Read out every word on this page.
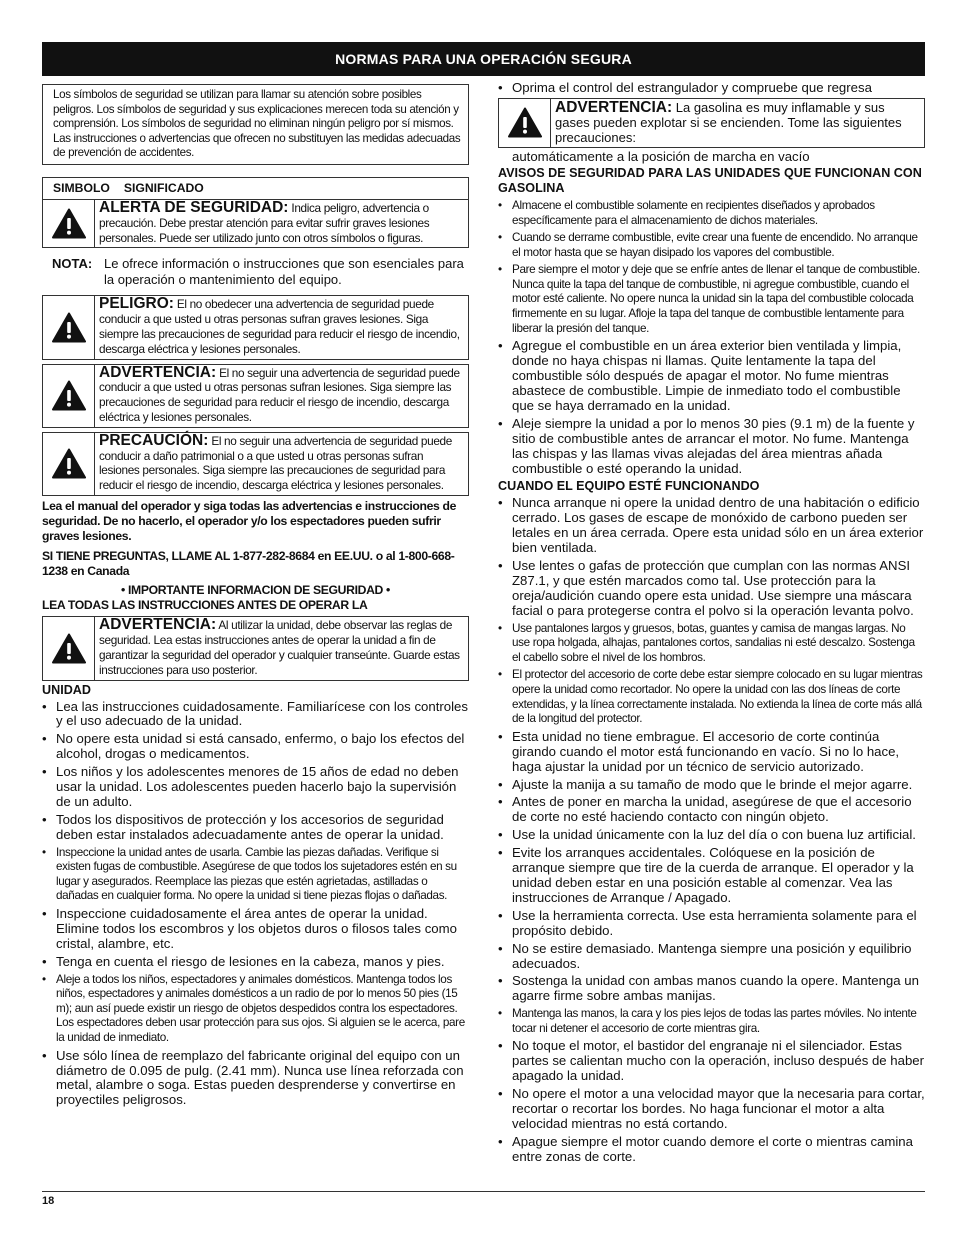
NORMAS PARA UNA OPERACIÓN SEGURA
Los símbolos de seguridad se utilizan para llamar su atención sobre posibles peligros. Los símbolos de seguridad y sus explicaciones merecen toda su atención y comprensión. Los símbolos de seguridad no eliminan ningún peligro por sí mismos. Las instrucciones o advertencias que ofrecen no substituyen las medidas adecuadas de prevención de accidentes.
SIMBOLO SIGNIFICADO
ALERTA DE SEGURIDAD: Indica peligro, advertencia o precaución. Debe prestar atención para evitar sufrir graves lesiones personales. Puede ser utilizado junto con otros símbolos o figuras.
NOTA: Le ofrece información o instrucciones que son esenciales para la operación o mantenimiento del equipo.
PELIGRO: El no obedecer una advertencia de seguridad puede conducir a que usted u otras personas sufran graves lesiones. Siga siempre las precauciones de seguridad para reducir el riesgo de incendio, descarga eléctrica y lesiones personales.
ADVERTENCIA: El no seguir una advertencia de seguridad puede conducir a que usted u otras personas sufran lesiones. Siga siempre las precauciones de seguridad para reducir el riesgo de incendio, descarga eléctrica y lesiones personales.
PRECAUCIÓN: El no seguir una advertencia de seguridad puede conducir a daño patrimonial o a que usted u otras personas sufran lesiones personales. Siga siempre las precauciones de seguridad para reducir el riesgo de incendio, descarga eléctrica y lesiones personales.

Lea el manual del operador y siga todas las advertencias e instrucciones de seguridad. De no hacerlo, el operador y/o los espectadores pueden sufrir graves lesiones.

SI TIENE PREGUNTAS, LLAME AL 1-877-282-8684 en EE.UU. o al 1-800-668-1238 en Canada

• IMPORTANTE INFORMACION DE SEGURIDAD •

LEA TODAS LAS INSTRUCCIONES ANTES DE OPERAR LA

ADVERTENCIA: Al utilizar la unidad, debe observar las reglas de seguridad. Lea estas instrucciones antes de operar la unidad a fin de garantizar la seguridad del operador y cualquier transeúnte. Guarde estas instrucciones para uso posterior.

UNIDAD

• Lea las instrucciones cuidadosamente. Familiarícese con los controles y el uso adecuado de la unidad.
• No opere esta unidad si está cansado, enfermo, o bajo los efectos del alcohol, drogas o medicamentos.
• Los niños y los adolescentes menores de 15 años de edad no deben usar la unidad. Los adolescentes pueden hacerlo bajo la supervisión de un adulto.
• Todos los dispositivos de protección y los accesorios de seguridad deben estar instalados adecuadamente antes de operar la unidad.
• Inspeccione la unidad antes de usarla. Cambie las piezas dañadas. Verifique si existen fugas de combustible. Asegúrese de que todos los sujetadores estén en su lugar y asegurados. Reemplace las piezas que estén agrietadas, astilladas o dañadas en cualquier forma. No opere la unidad si tiene piezas flojas o dañadas.
• Inspeccione cuidadosamente el área antes de operar la unidad. Elimine todos los escombros y los objetos duros o filosos tales como cristal, alambre, etc.
• Tenga en cuenta el riesgo de lesiones en la cabeza, manos y pies.
• Aleje a todos los niños, espectadores y animales domésticos. Mantenga todos los niños, espectadores y animales domésticos a un radio de por lo menos 50 pies (15 m); aun así puede existir un riesgo de objetos despedidos contra los espectadores. Los espectadores deben usar protección para sus ojos. Si alguien se le acerca, pare la unidad de inmediato.
• Use sólo línea de reemplazo del fabricante original del equipo con un diámetro de 0.095 de pulg. (2.41 mm). Nunca use línea reforzada con metal, alambre o soga. Estas pueden desprenderse y convertirse en proyectiles peligrosos.
• Oprima el control del estrangulador y compruebe que regresa
ADVERTENCIA: La gasolina es muy inflamable y sus gases pueden explotar si se encienden. Tome las siguientes precauciones:

automáticamente a la posición de marcha en vacío

AVISOS DE SEGURIDAD PARA LAS UNIDADES QUE FUNCIONAN CON GASOLINA

• Almacene el combustible solamente en recipientes diseñados y aprobados específicamente para el almacenamiento de dichos materiales.
• Cuando se derrame combustible, evite crear una fuente de encendido. No arranque el motor hasta que se hayan disipado los vapores del combustible.
• Pare siempre el motor y deje que se enfríe antes de llenar el tanque de combustible. Nunca quite la tapa del tanque de combustible, ni agregue combustible, cuando el motor esté caliente. No opere nunca la unidad sin la tapa del combustible colocada firmemente en su lugar. Afloje la tapa del tanque de combustible lentamente para liberar la presión del tanque.
• Agregue el combustible en un área exterior bien ventilada y limpia, donde no haya chispas ni llamas. Quite lentamente la tapa del combustible sólo después de apagar el motor. No fume mientras abastece de combustible. Limpie de inmediato todo el combustible que se haya derramado en la unidad.
• Aleje siempre la unidad a por lo menos 30 pies (9.1 m) de la fuente y sitio de combustible antes de arrancar el motor. No fume. Mantenga las chispas y las llamas vivas alejadas del área mientras añada combustible o esté operando la unidad.

CUANDO EL EQUIPO ESTÉ FUNCIONANDO

• Nunca arranque ni opere la unidad dentro de una habitación o edificio cerrado. Los gases de escape de monóxido de carbono pueden ser letales en un área cerrada. Opere esta unidad sólo en un área exterior bien ventilada.
• Use lentes o gafas de protección que cumplan con las normas ANSI Z87.1, y que estén marcados como tal. Use protección para la oreja/audición cuando opere esta unidad. Use siempre una máscara facial o para protegerse contra el polvo si la operación levanta polvo.
• Use pantalones largos y gruesos, botas, guantes y camisa de mangas largas. No use ropa holgada, alhajas, pantalones cortos, sandalias ni esté descalzo. Sostenga el cabello sobre el nivel de los hombros.
• El protector del accesorio de corte debe estar siempre colocado en su lugar mientras opere la unidad como recortador. No opere la unidad con las dos líneas de corte extendidas, y la línea correctamente instalada. No extienda la línea de corte más allá de la longitud del protector.
• Esta unidad no tiene embrague. El accesorio de corte continúa girando cuando el motor está funcionando en vacío. Si no lo hace, haga ajustar la unidad por un técnico de servicio autorizado.
• Ajuste la manija a su tamaño de modo que le brinde el mejor agarre.
• Antes de poner en marcha la unidad, asegúrese de que el accesorio de corte no esté haciendo contacto con ningún objeto.
• Use la unidad únicamente con la luz del día o con buena luz artificial.
• Evite los arranques accidentales. Colóquese en la posición de arranque siempre que tire de la cuerda de arranque. El operador y la unidad deben estar en una posición estable al comenzar. Vea las instrucciones de Arranque / Apagado.
• Use la herramienta correcta. Use esta herramienta solamente para el propósito debido.
• No se estire demasiado. Mantenga siempre una posición y equilibrio adecuados.
• Sostenga la unidad con ambas manos cuando la opere. Mantenga un agarre firme sobre ambas manijas.
• Mantenga las manos, la cara y los pies lejos de todas las partes móviles. No intente tocar ni detener el accesorio de corte mientras gira.
• No toque el motor, el bastidor del engranaje ni el silenciador. Estas partes se calientan mucho con la operación, incluso después de haber apagado la unidad.
• No opere el motor a una velocidad mayor que la necesaria para cortar, recortar o recortar los bordes. No haga funcionar el motor a alta velocidad mientras no está cortando.
• Apague siempre el motor cuando demore el corte o mientras camina entre zonas de corte.
18
